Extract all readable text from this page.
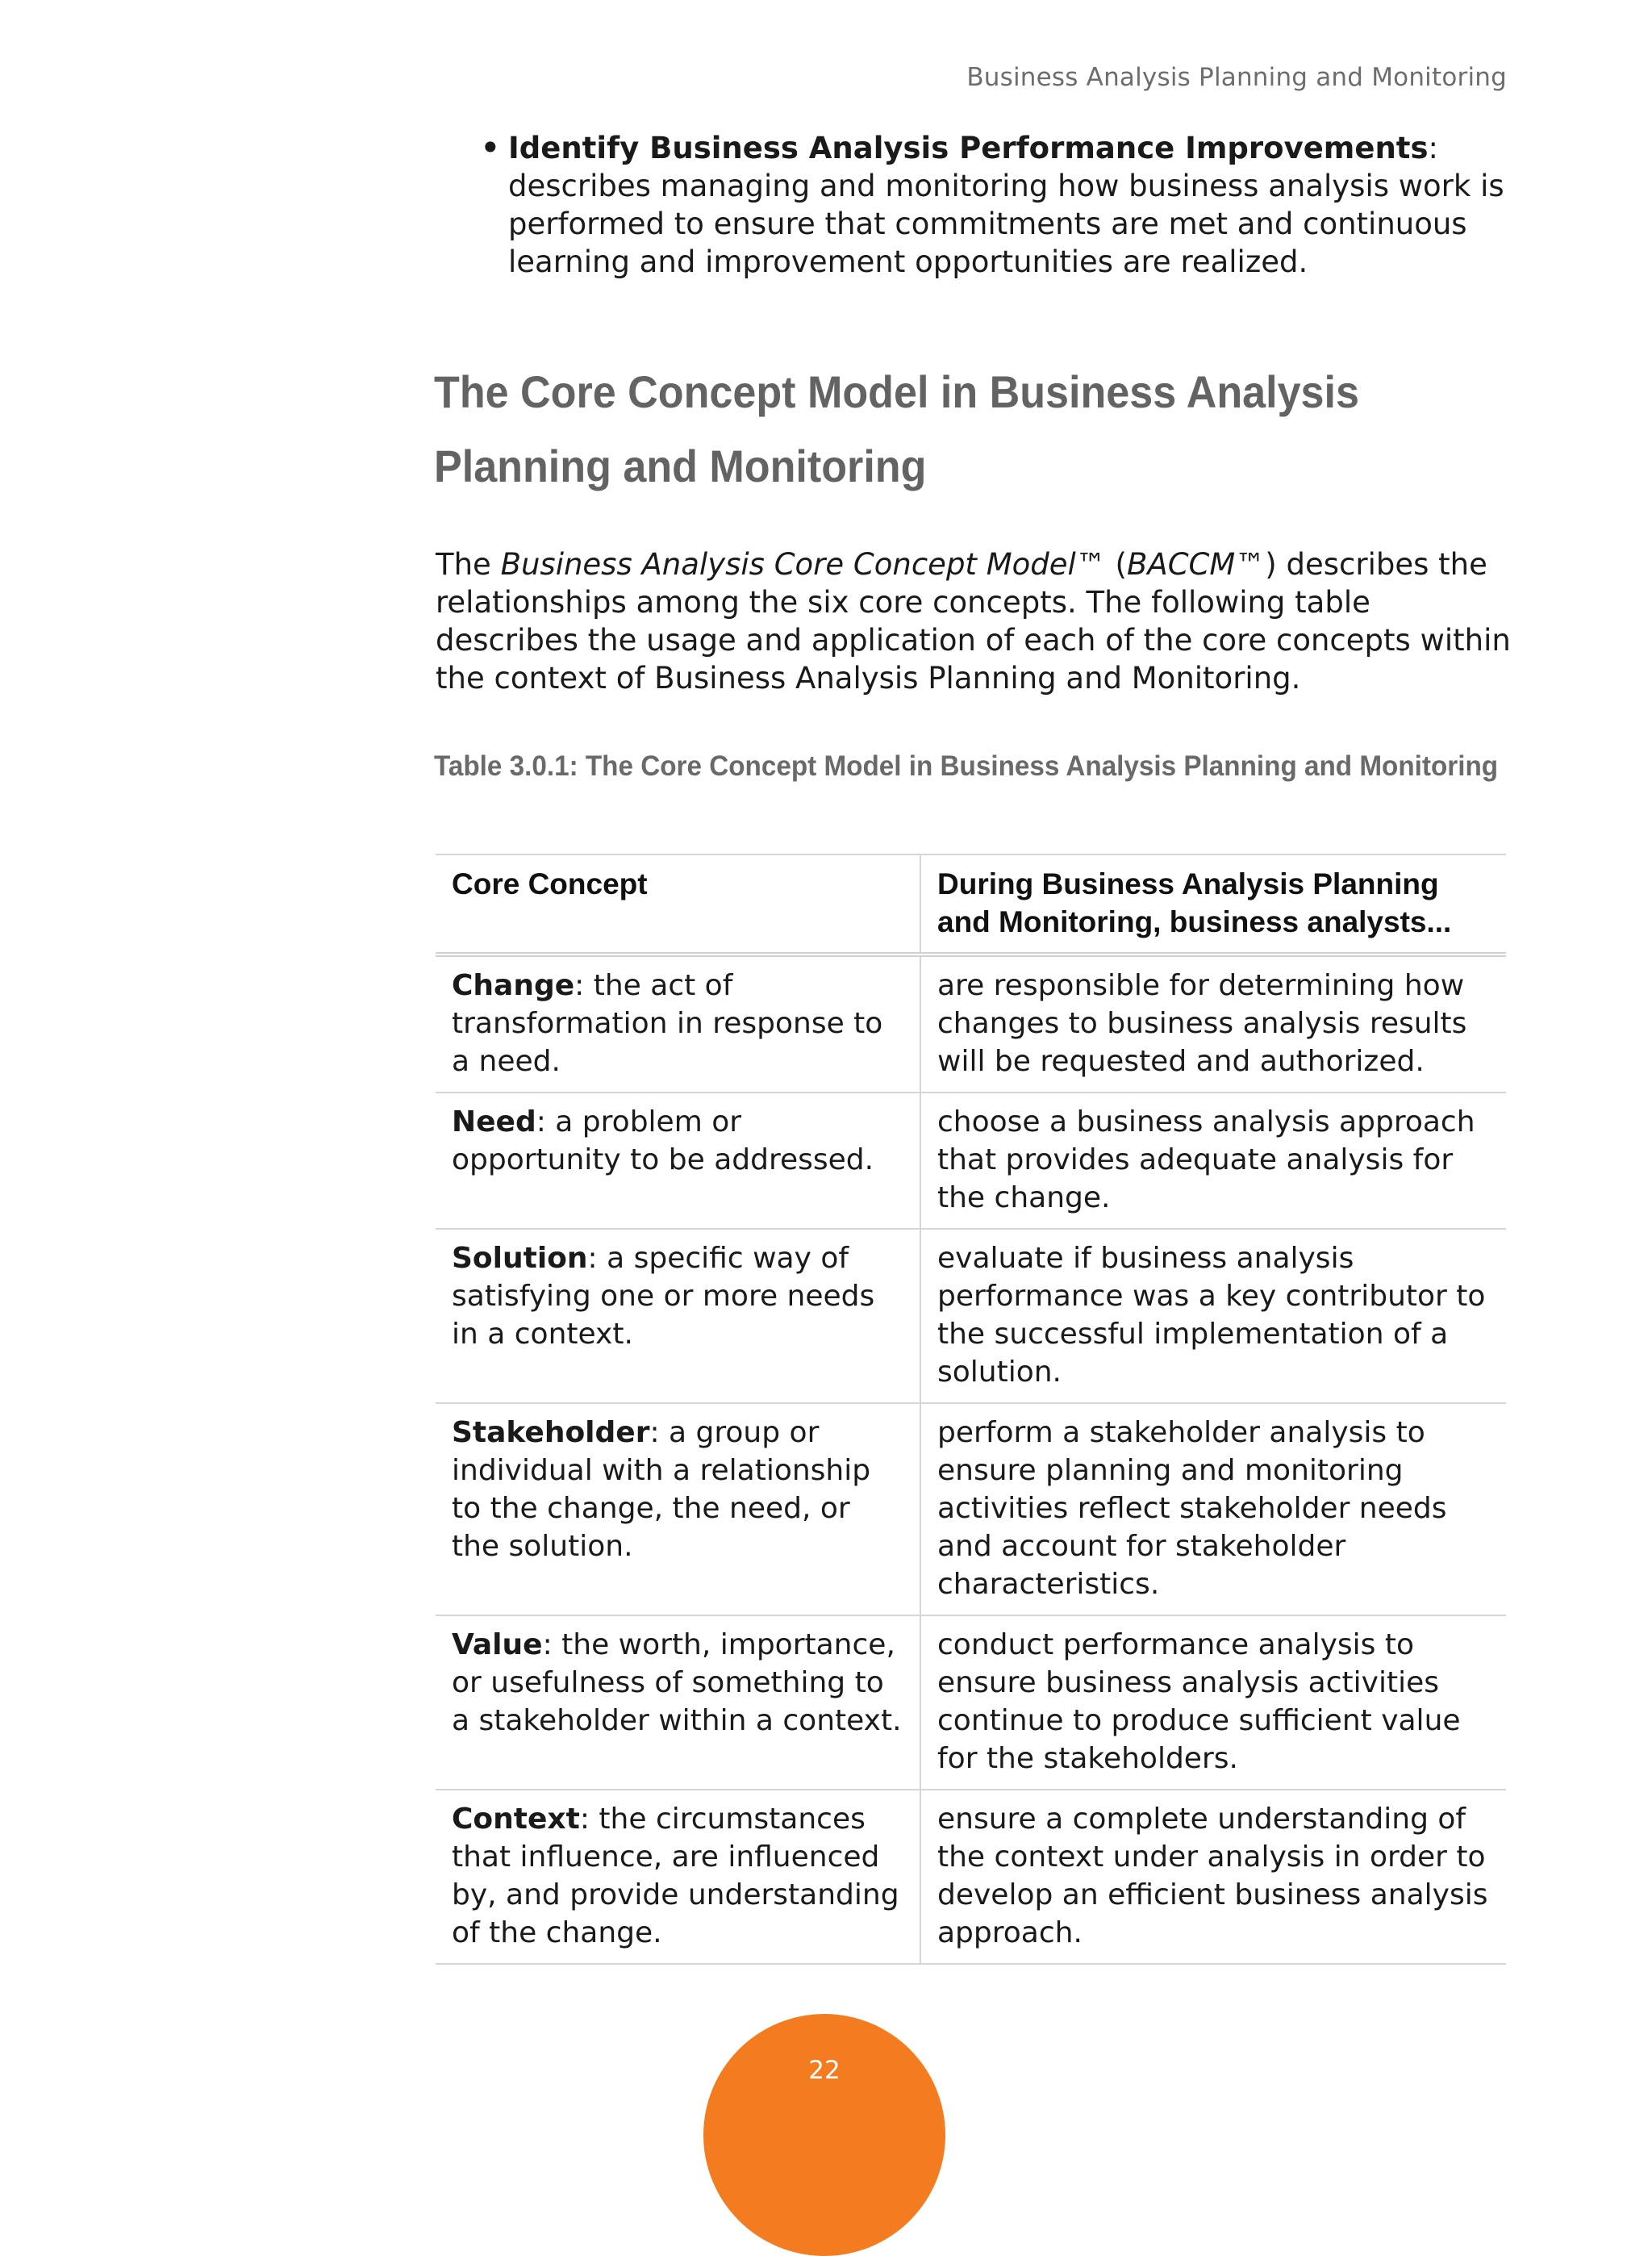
Business Analysis Planning and Monitoring
• Identify Business Analysis Performance Improvements: describes managing and monitoring how business analysis work is performed to ensure that commitments are met and continuous learning and improvement opportunities are realized.
The Core Concept Model in Business Analysis Planning and Monitoring

The Business Analysis Core Concept Model™ (BACCM™) describes the relationships among the six core concepts. The following table describes the usage and application of each of the core concepts within the context of Business Analysis Planning and Monitoring.

Table 3.0.1: The Core Concept Model in Business Analysis Planning and Monitoring

Core Concept	During Business Analysis Planning and Monitoring, business analysts...
Change: the act of transformation in response to a need.	are responsible for determining how changes to business analysis results will be requested and authorized.
Need: a problem or opportunity to be addressed.	choose a business analysis approach that provides adequate analysis for the change.
Solution: a specific way of satisfying one or more needs in a context.	evaluate if business analysis performance was a key contributor to the successful implementation of a solution.
Stakeholder: a group or individual with a relationship to the change, the need, or the solution.	perform a stakeholder analysis to ensure planning and monitoring activities reflect stakeholder needs and account for stakeholder characteristics.
Value: the worth, importance, or usefulness of something to a stakeholder within a context.	conduct performance analysis to ensure business analysis activities continue to produce sufficient value for the stakeholders.
Context: the circumstances that influence, are influenced by, and provide understanding of the change.	ensure a complete understanding of the context under analysis in order to develop an efficient business analysis approach.
22
